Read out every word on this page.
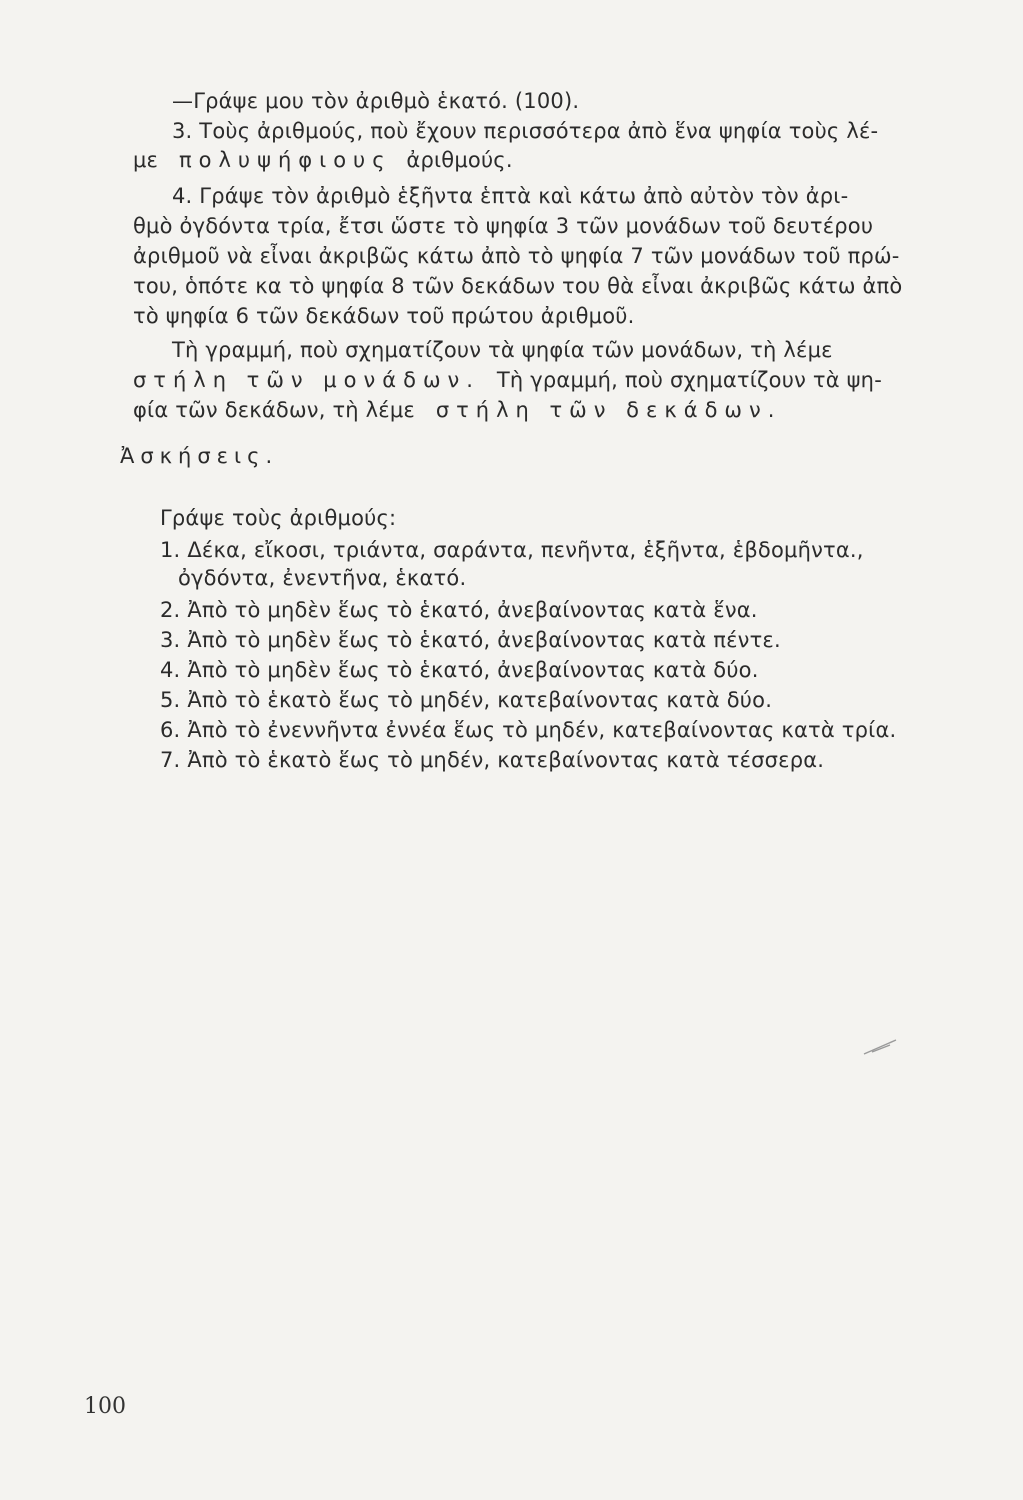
—Γράψε μου τὸν ἀριθμὸ ἑκατό. (100).
3. Τοὺς ἀριθμούς, ποὺ ἔχουν περισσότερα ἀπὸ ἕνα ψηφία τοὺς λέ-
με πολυψήφιους ἀριθμούς.
4. Γράψε τὸν ἀριθμὸ ἑξῆντα ἑπτὰ καὶ κάτω ἀπὸ αὐτὸν τὸν ἀρι-
θμὸ ὀγδόντα τρία, ἔτσι ὥστε τὸ ψηφία 3 τῶν μονάδων τοῦ δευτέρου
ἀριθμοῦ νὰ εἶναι ἀκριβῶς κάτω ἀπὸ τὸ ψηφία 7 τῶν μονάδων τοῦ πρώ-
του, ὁπότε κα τὸ ψηφία 8 τῶν δεκάδων του θὰ εἶναι ἀκριβῶς κάτω ἀπὸ
τὸ ψηφία 6 τῶν δεκάδων τοῦ πρώτου ἀριθμοῦ.
Τὴ γραμμή, ποὺ σχηματίζουν τὰ ψηφία τῶν μονάδων, τὴ λέμε
στήλη τῶν μονάδων. Τὴ γραμμή, ποὺ σχηματίζουν τὰ ψη-
φία τῶν δεκάδων, τὴ λέμε στήλη τῶν δεκάδων.
Ἀσκήσεις.
Γράψε τοὺς ἀριθμούς:
1. Δέκα, εἴκοσι, τριάντα, σαράντα, πενῆντα, ἑξῆντα, ἑβδομῆντα.,
ὀγδόντα, ἐνεντῆνα, ἑκατό.
2. Ἀπὸ τὸ μηδὲν ἕως τὸ ἑκατό, ἀνεβαίνοντας κατὰ ἕνα.
3. Ἀπὸ τὸ μηδὲν ἕως τὸ ἑκατό, ἀνεβαίνοντας κατὰ πέντε.
4. Ἀπὸ τὸ μηδὲν ἕως τὸ ἑκατό, ἀνεβαίνοντας κατὰ δύο.
5. Ἀπὸ τὸ ἑκατὸ ἕως τὸ μηδέν, κατεβαίνοντας κατὰ δύο.
6. Ἀπὸ τὸ ἐνεννῆντα ἐννέα ἕως τὸ μηδέν, κατεβαίνοντας κατὰ τρία.
7. Ἀπὸ τὸ ἑκατὸ ἕως τὸ μηδέν, κατεβαίνοντας κατὰ τέσσερα.
100
